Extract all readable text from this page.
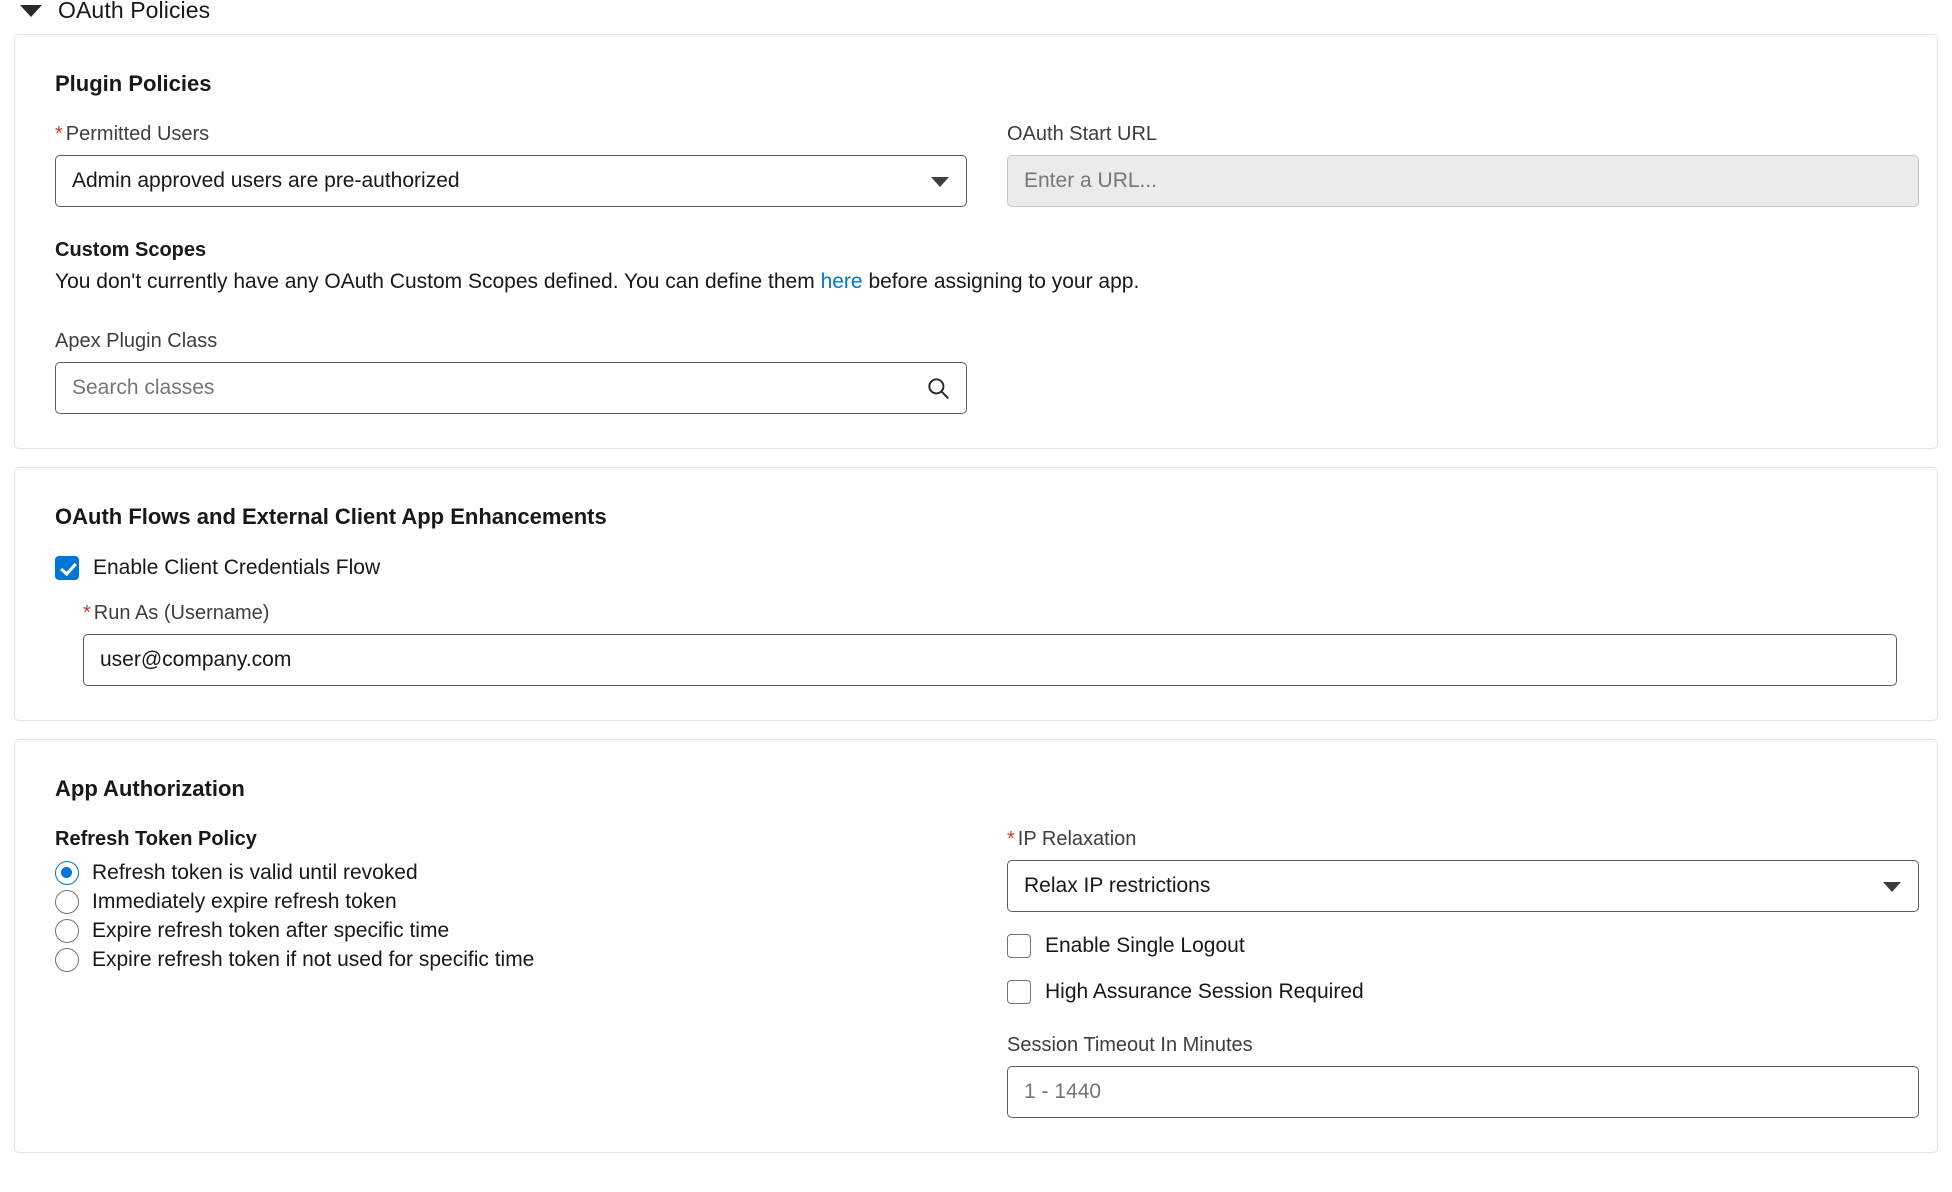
OAuth Policies
Plugin Policies
* Permitted Users
Admin approved users are pre-authorized	OAuth Start URL
Enter a URL...
Custom Scopes
You don't currently have any OAuth Custom Scopes defined. You can define them here before assigning to your app.
Apex Plugin Class
Search classes
OAuth Flows and External Client App Enhancements
Enable Client Credentials Flow
* Run As (Username)
user@company.com
App Authorization
Refresh Token Policy
Refresh token is valid until revoked
Immediately expire refresh token
Expire refresh token after specific time
Expire refresh token if not used for specific time
* IP Relaxation
Relax IP restrictions
Enable Single Logout
High Assurance Session Required
Session Timeout In Minutes
1 - 1440
